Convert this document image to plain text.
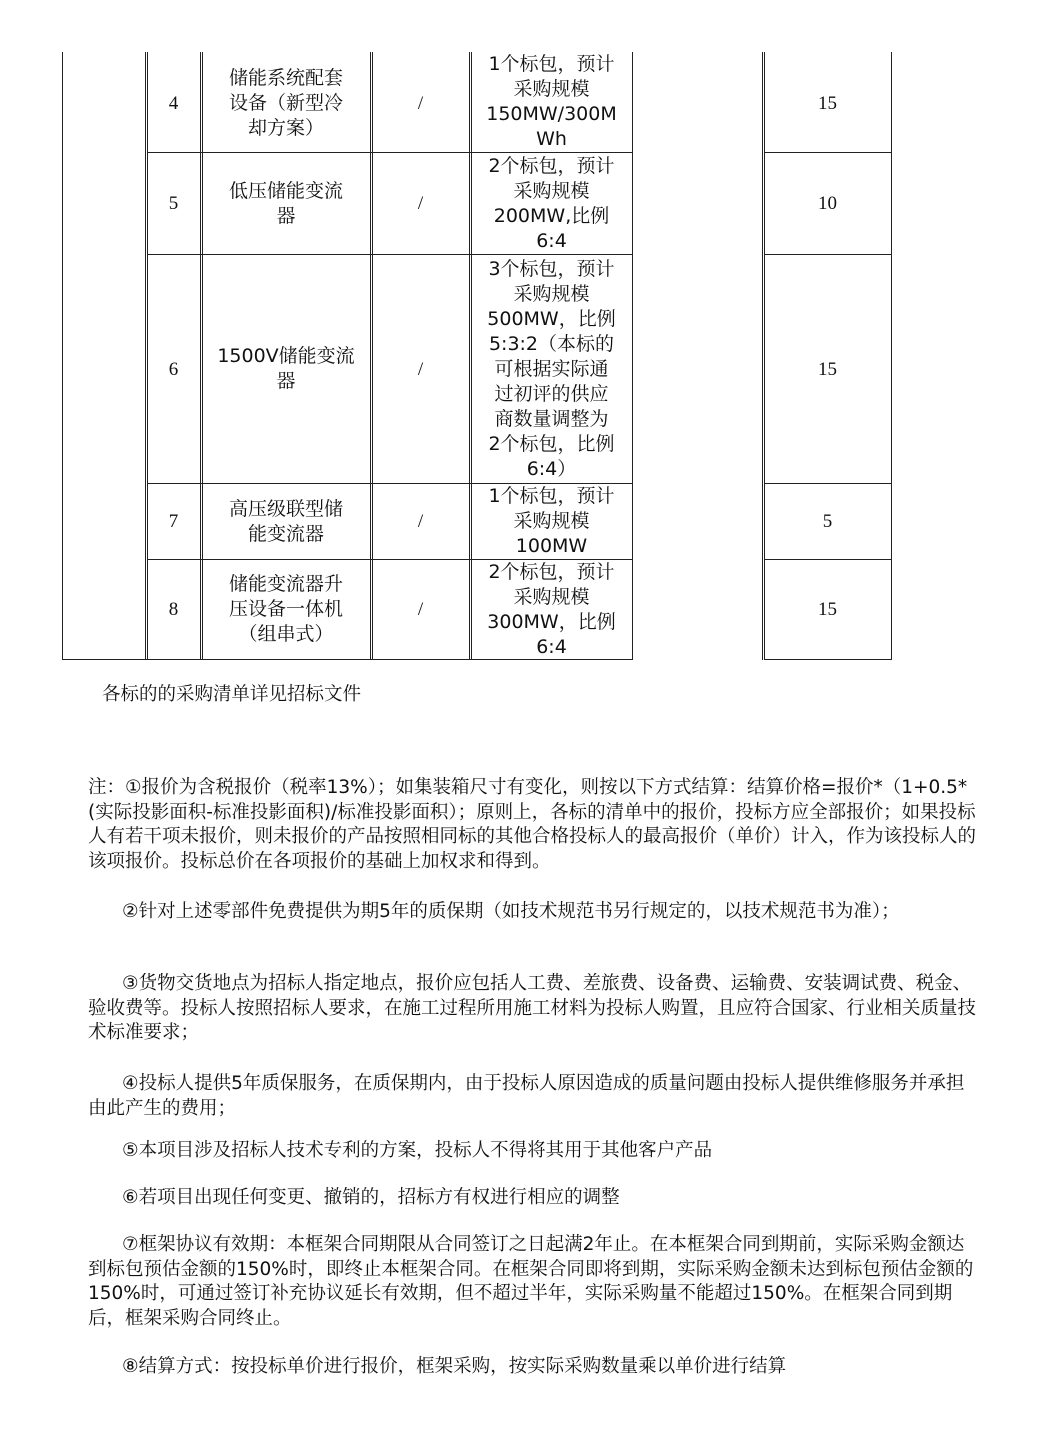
4
储能系统配套
设备（新型冷
却方案）
/
1个标包，预计
采购规模
150MW/300M
Wh
15
5
低压储能变流
器
/
2个标包，预计
采购规模
200MW,比例
6:4
10
6
1500V储能变流
器
/
3个标包，预计
采购规模
500MW，比例
5:3:2（本标的
可根据实际通
过初评的供应
商数量调整为
2个标包，比例
6:4）
15
7
高压级联型储
能变流器
/
1个标包，预计
采购规模
100MW
5
8
储能变流器升
压设备一体机
（组串式）
/
2个标包，预计
采购规模
300MW，比例
6:4
15
各标的的采购清单详见招标文件
注：①报价为含税报价（税率13%）；如集装箱尺寸有变化，则按以下方式结算：结算价格=报价*（1+0.5*(实际投影面积-标准投影面积)/标准投影面积）；原则上，各标的清单中的报价，投标方应全部报价；如果投标人有若干项未报价，则未报价的产品按照相同标的其他合格投标人的最高报价（单价）计入，作为该投标人的该项报价。投标总价在各项报价的基础上加权求和得到。
②针对上述零部件免费提供为期5年的质保期（如技术规范书另行规定的，以技术规范书为准）；
③货物交货地点为招标人指定地点，报价应包括人工费、差旅费、设备费、运输费、安装调试费、税金、验收费等。投标人按照招标人要求，在施工过程所用施工材料为投标人购置，且应符合国家、行业相关质量技术标准要求；
④投标人提供5年质保服务，在质保期内，由于投标人原因造成的质量问题由投标人提供维修服务并承担由此产生的费用；
⑤本项目涉及招标人技术专利的方案，投标人不得将其用于其他客户产品
⑥若项目出现任何变更、撤销的，招标方有权进行相应的调整
⑦框架协议有效期：本框架合同期限从合同签订之日起满2年止。在本框架合同到期前，实际采购金额达到标包预估金额的150%时，即终止本框架合同。在框架合同即将到期，实际采购金额未达到标包预估金额的150%时，可通过签订补充协议延长有效期，但不超过半年，实际采购量不能超过150%。在框架合同到期后，框架采购合同终止。
⑧结算方式：按投标单价进行报价，框架采购，按实际采购数量乘以单价进行结算
